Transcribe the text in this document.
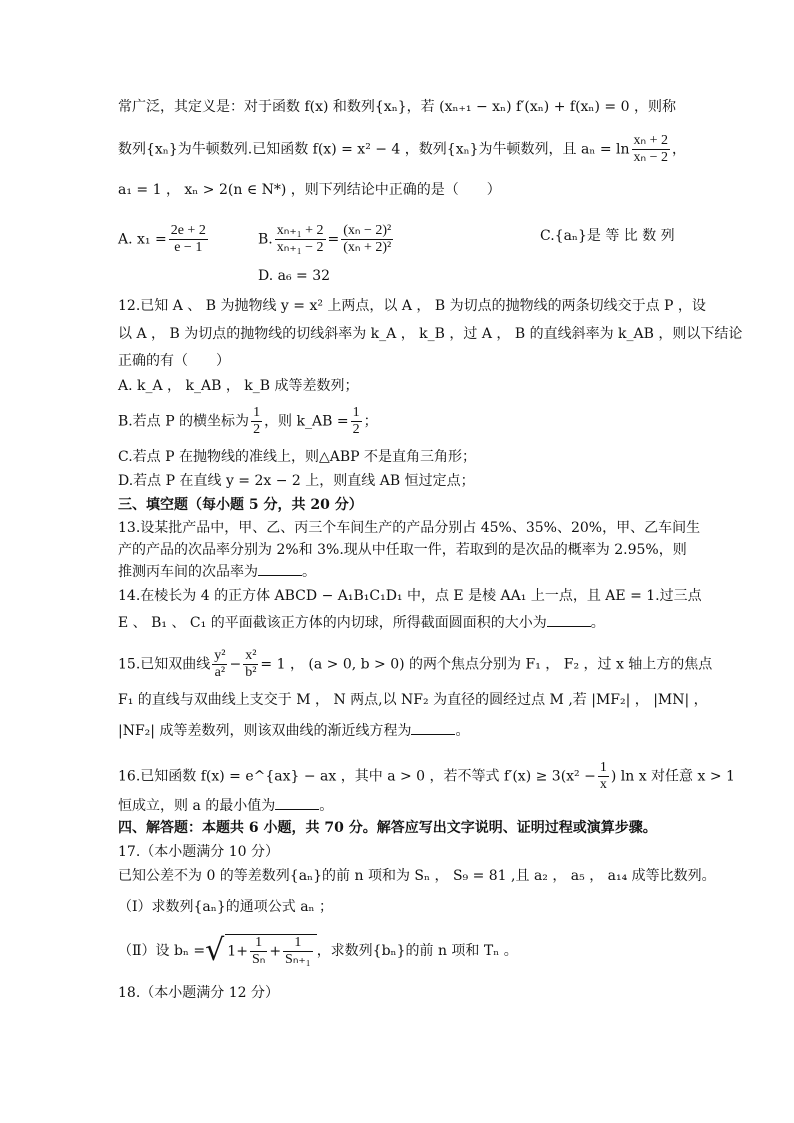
常广泛，其定义是：对于函数 f(x) 和数列{xₙ}，若 (xₙ₊₁ − xₙ) f′(xₙ) + f(xₙ) = 0 ，则称
数列{xₙ}为牛顿数列.已知函数 f(x) = x² − 4 ，数列{xₙ}为牛顿数列，且 $a_n = \ln \frac{\text{xₙ + 2}}{\text{xₙ − 2}}$ ，
a₁ = 1 ， xₙ > 2(n ∈ N*) ，则下列结论中正确的是（　　）
A. $x_1 = \frac{2e + 2}{e - 1}$	B. $\frac{\text{xₙ₊₁ + 2}}{\text{xₙ₊₁ − 2}} = \frac{\text{(xₙ − 2)²}}{\text{(xₙ + 2)²}}$	C.{aₙ}是 等 比 数 列
D. a₆ = 32
12.已知 A 、 B 为抛物线 y = x² 上两点，以 A ， B 为切点的抛物线的两条切线交于点 P ，设
以 A ， B 为切点的抛物线的切线斜率为 k_A ， k_B ，过 A ， B 的直线斜率为 k_AB ，则以下结论
正确的有（　　）
A. k_A ， k_AB ， k_B 成等差数列；
B.若点 P 的横坐标为 $\frac{1}{2}$ ，则 k_AB = $\frac{1}{2}$ ；
C.若点 P 在抛物线的准线上，则△ABP 不是直角三角形；
D.若点 P 在直线 y = 2x − 2 上，则直线 AB 恒过定点；
三、填空题（每小题 5 分，共 20 分）
13.设某批产品中，甲、乙、丙三个车间生产的产品分别占 45%、35%、20%，甲、乙车间生
产的产品的次品率分别为 2%和 3%.现从中任取一件，若取到的是次品的概率为 2.95%，则
推测丙车间的次品率为	。
14.在棱长为 4 的正方体 ABCD − A₁B₁C₁D₁ 中，点 E 是棱 AA₁ 上一点，且 AE = 1.过三点
E 、 B₁ 、 C₁ 的平面截该正方体的内切球，所得截面圆面积的大小为	。
15.已知双曲线 $\frac{\text{y²}}{\text{a²}} - \frac{\text{x²}}{\text{b²}} = 1$ ， (a > 0, b > 0) 的两个焦点分别为 F₁ ， F₂ ，过 x 轴上方的焦点
F₁ 的直线与双曲线上支交于 M ， N 两点,以 NF₂ 为直径的圆经过点 M ,若 |MF₂| ， |MN| ，
|NF₂| 成等差数列，则该双曲线的渐近线方程为	。
16.已知函数 f(x) = e^{ax} − ax ，其中 a > 0 ，若不等式 $f'(x) \ge 3(x^2 - \frac{1}{x}$ ) ln x 对任意 x > 1
恒成立，则 a 的最小值为	。
四、解答题：本题共 6 小题，共 70 分。解答应写出文字说明、证明过程或演算步骤。
17.（本小题满分 10 分）
已知公差不为 0 的等差数列{aₙ}的前 n 项和为 Sₙ ， S₉ = 81 ,且 a₂ ， a₅ ， a₁₄ 成等比数列。
（Ⅰ）求数列{aₙ}的通项公式 aₙ ；
（Ⅱ）设 bₙ =√ $1+ \frac{1}{\text{Sₙ}} + \frac{1}{\text{Sₙ₊₁}}$ ，求数列{bₙ}的前 n 项和 Tₙ 。
18.（本小题满分 12 分）
